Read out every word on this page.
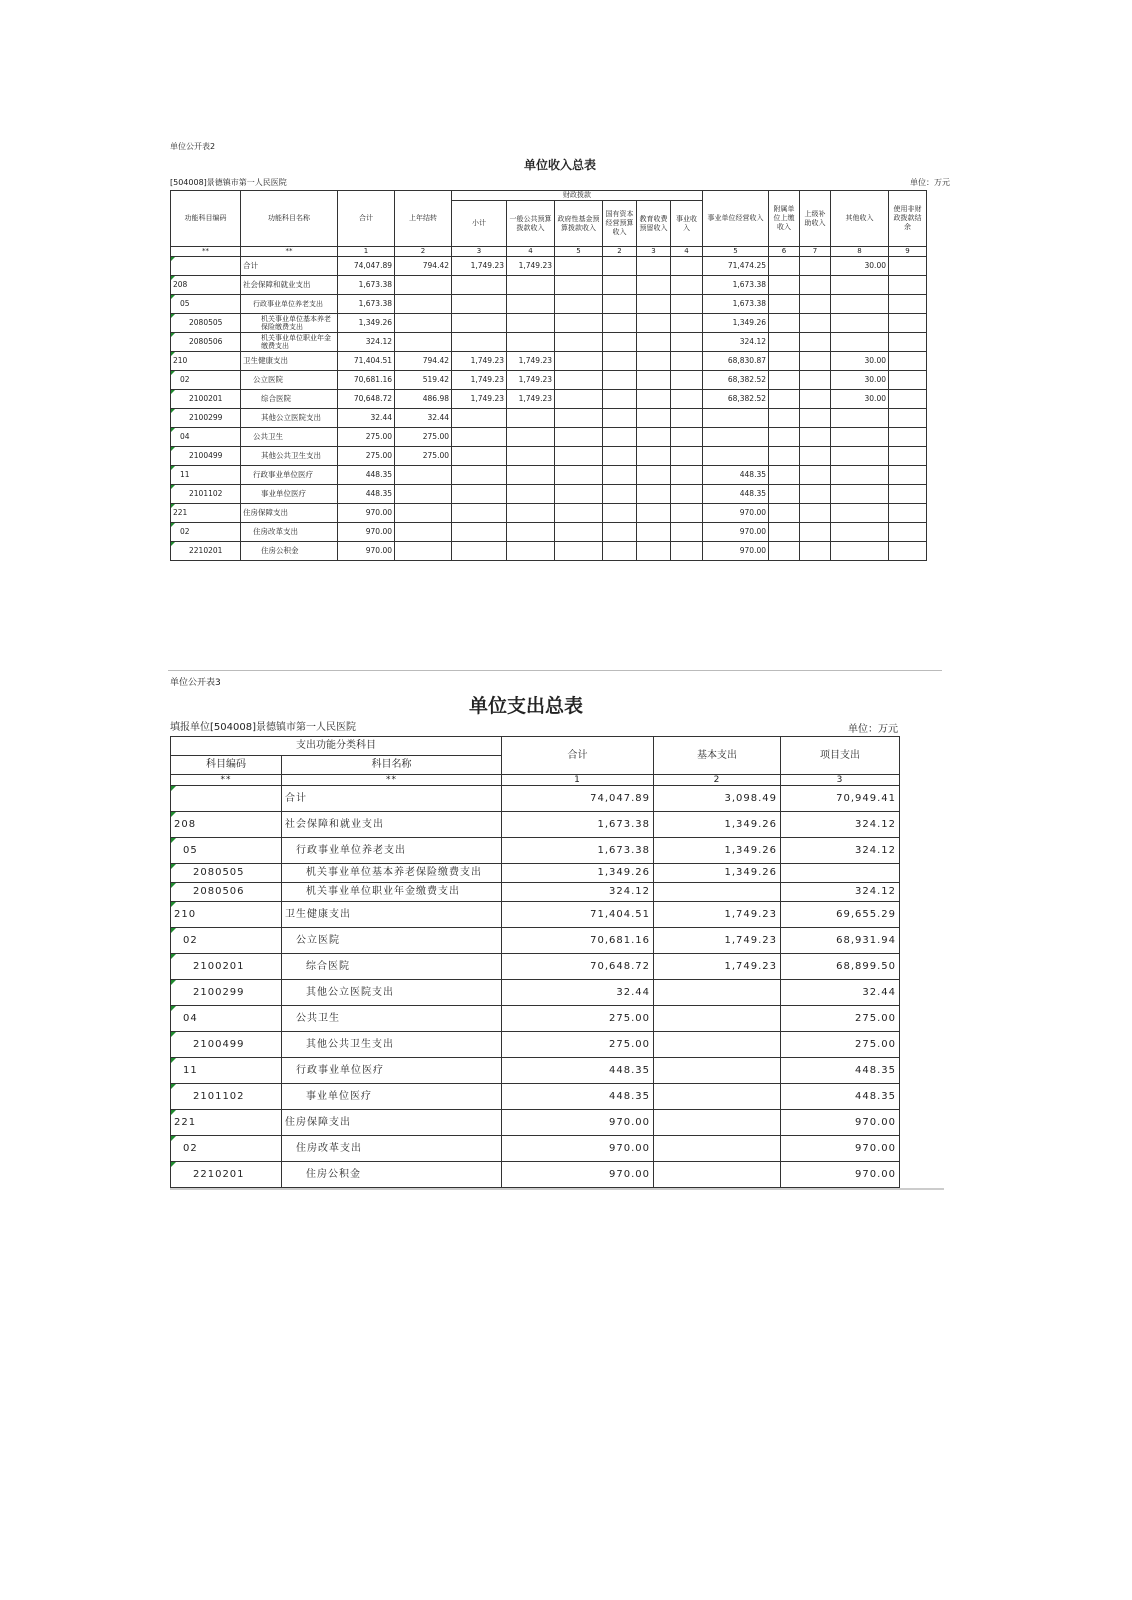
单位公开表2
单位收入总表
[504008]景德镇市第一人民医院	单位：万元
功能科目编码	功能科目名称	合计	上年结转	财政拨款						事业单位经营收入	附属单位上缴收入	上级补助收入	其他收入	使用非财政拨款结余
				小计	一般公共预算拨款收入	政府性基金预算拨款收入	国有资本经营预算收入	教育收费预留收入	事业收入					
**	**	1	2	3	4	5	2	3	4	5	6	7	8	9
	合计	74,047.89	794.42	1,749.23	1,749.23					71,474.25			30.00	
208	社会保障和就业支出	1,673.38								1,673.38				
05	行政事业单位养老支出	1,673.38								1,673.38				
2080505	机关事业单位基本养老保险缴费支出	1,349.26								1,349.26				
2080506	机关事业单位职业年金缴费支出	324.12								324.12				
210	卫生健康支出	71,404.51	794.42	1,749.23	1,749.23					68,830.87			30.00	
02	公立医院	70,681.16	519.42	1,749.23	1,749.23					68,382.52			30.00	
2100201	综合医院	70,648.72	486.98	1,749.23	1,749.23					68,382.52			30.00	
2100299	其他公立医院支出	32.44	32.44											
04	公共卫生	275.00	275.00											
2100499	其他公共卫生支出	275.00	275.00											
11	行政事业单位医疗	448.35								448.35				
2101102	事业单位医疗	448.35								448.35				
221	住房保障支出	970.00								970.00				
02	住房改革支出	970.00								970.00				
2210201	住房公积金	970.00								970.00				
单位公开表3
单位支出总表
填报单位[504008]景德镇市第一人民医院	单位：万元
支出功能分类科目		合计	基本支出	项目支出
科目编码	科目名称			
**	**	1	2	3
	合计	74,047.89	3,098.49	70,949.41
208	社会保障和就业支出	1,673.38	1,349.26	324.12
05	行政事业单位养老支出	1,673.38	1,349.26	324.12
2080505	机关事业单位基本养老保险缴费支出	1,349.26	1,349.26	
2080506	机关事业单位职业年金缴费支出	324.12		324.12
210	卫生健康支出	71,404.51	1,749.23	69,655.29
02	公立医院	70,681.16	1,749.23	68,931.94
2100201	综合医院	70,648.72	1,749.23	68,899.50
2100299	其他公立医院支出	32.44		32.44
04	公共卫生	275.00		275.00
2100499	其他公共卫生支出	275.00		275.00
11	行政事业单位医疗	448.35		448.35
2101102	事业单位医疗	448.35		448.35
221	住房保障支出	970.00		970.00
02	住房改革支出	970.00		970.00
2210201	住房公积金	970.00		970.00
